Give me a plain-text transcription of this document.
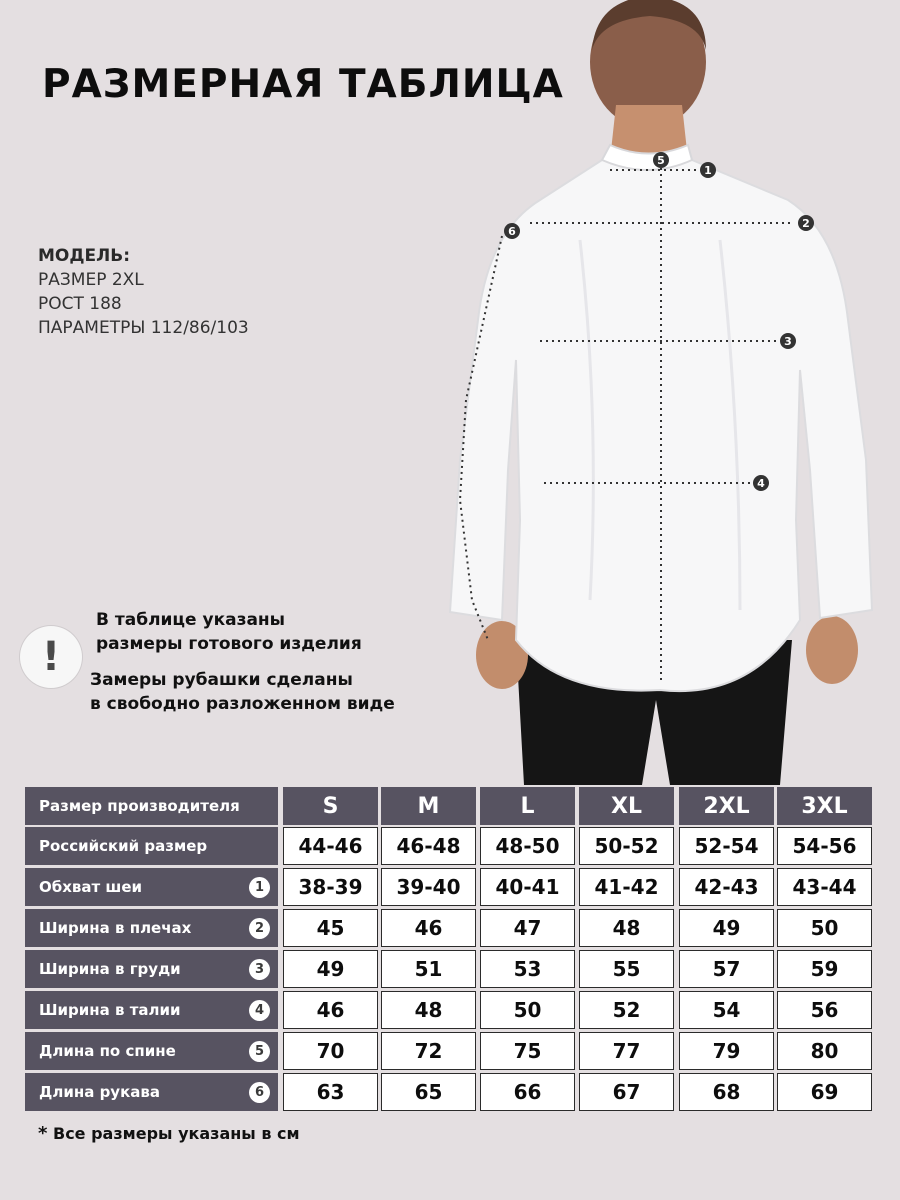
РАЗМЕРНАЯ ТАБЛИЦА
МОДЕЛЬ:
РАЗМЕР 2XL
РОСТ 188
ПАРАМЕТРЫ 112/86/103
1
2
3
4
5
6
!
В таблице указаны
размеры готового изделия
Замеры рубашки сделаны
в свободно разложенном виде
Размер производителя	S	M	L	XL	2XL	3XL
Российский размер	44-46	46-48	48-50	50-52	52-54	54-56
Обхват шеи	1	38-39	39-40	40-41	41-42	42-43	43-44
Ширина в плечах	2	45	46	47	48	49	50
Ширина в груди	3	49	51	53	55	57	59
Ширина в талии	4	46	48	50	52	54	56
Длина по спине	5	70	72	75	77	79	80
Длина рукава	6	63	65	66	67	68	69
* Все размеры указаны в см
